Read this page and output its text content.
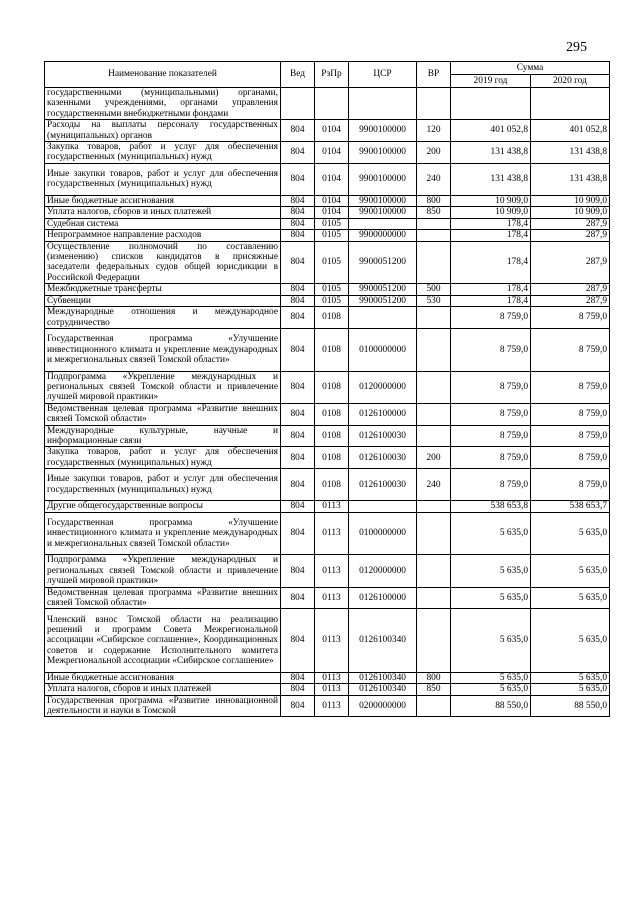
295
Наименование показателей	Вед	РзПр	ЦСР	ВР	Сумма	
					2019 год	2020 год
государственными (муниципальными) органами, казенными учреждениями, органами управления государственными внебюджетными фондами						
Расходы на выплаты персоналу государственных (муниципальных) органов	804	0104	9900100000	120	401 052,8	401 052,8
Закупка товаров, работ и услуг для обеспечения государственных (муниципальных) нужд	804	0104	9900100000	200	131 438,8	131 438,8
Иные закупки товаров, работ и услуг для обеспечения государственных (муниципальных) нужд	804	0104	9900100000	240	131 438,8	131 438,8
Иные бюджетные ассигнования	804	0104	9900100000	800	10 909,0	10 909,0
Уплата налогов, сборов и иных платежей	804	0104	9900100000	850	10 909,0	10 909,0
Судебная система	804	0105			178,4	287,9
Непрограммное направление расходов	804	0105	9900000000		178,4	287,9
Осуществление полномочий по составлению (изменению) списков кандидатов в присяжные заседатели федеральных судов общей юрисдикции в Российской Федерации	804	0105	9900051200		178,4	287,9
Межбюджетные трансферты	804	0105	9900051200	500	178,4	287,9
Субвенции	804	0105	9900051200	530	178,4	287,9
Международные отношения и международное сотрудничество	804	0108			8 759,0	8 759,0
Государственная программа «Улучшение инвестиционного климата и укрепление международных и межрегиональных связей Томской области»	804	0108	0100000000		8 759,0	8 759,0
Подпрограмма «Укрепление международных и региональных связей Томской области и привлечение лучшей мировой практики»	804	0108	0120000000		8 759,0	8 759,0
Ведомственная целевая программа «Развитие внешних связей Томской области»	804	0108	0126100000		8 759,0	8 759,0
Международные культурные, научные и информационные связи	804	0108	0126100030		8 759,0	8 759,0
Закупка товаров, работ и услуг для обеспечения государственных (муниципальных) нужд	804	0108	0126100030	200	8 759,0	8 759,0
Иные закупки товаров, работ и услуг для обеспечения государственных (муниципальных) нужд	804	0108	0126100030	240	8 759,0	8 759,0
Другие общегосударственные вопросы	804	0113			538 653,8	538 653,7
Государственная программа «Улучшение инвестиционного климата и укрепление международных и межрегиональных связей Томской области»	804	0113	0100000000		5 635,0	5 635,0
Подпрограмма «Укрепление международных и региональных связей Томской области и привлечение лучшей мировой практики»	804	0113	0120000000		5 635,0	5 635,0
Ведомственная целевая программа «Развитие внешних связей Томской области»	804	0113	0126100000		5 635,0	5 635,0
Членский взнос Томской области на реализацию решений и программ Совета Межрегиональной ассоциации «Сибирское соглашение», Координационных советов и содержание Исполнительного комитета Межрегиональной ассоциации «Сибирское соглашение»	804	0113	0126100340		5 635,0	5 635,0
Иные бюджетные ассигнования	804	0113	0126100340	800	5 635,0	5 635,0
Уплата налогов, сборов и иных платежей	804	0113	0126100340	850	5 635,0	5 635,0
Государственная программа «Развитие инновационной деятельности и науки в Томской	804	0113	0200000000		88 550,0	88 550,0
